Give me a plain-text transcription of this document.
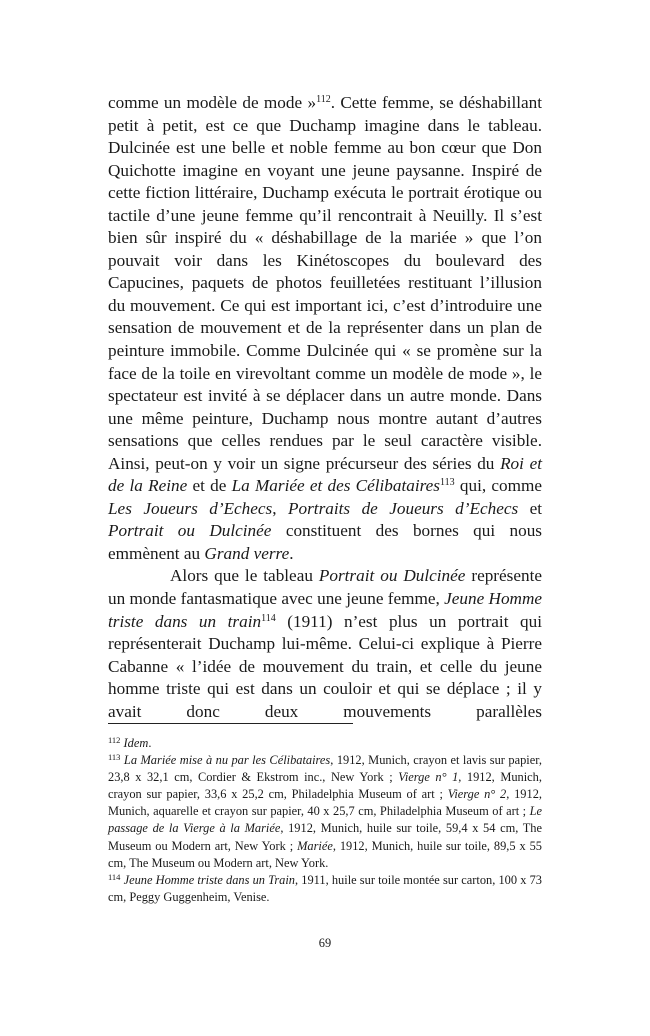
comme un modèle de mode »$^{112}$. Cette femme, se déshabillant petit à petit, est ce que Duchamp imagine dans le tableau. Dulcinée est une belle et noble femme au bon cœur que Don Quichotte imagine en voyant une jeune paysanne. Inspiré de cette fiction littéraire, Duchamp exécuta le portrait érotique ou tactile d’une jeune femme qu’il rencontrait à Neuilly. Il s’est bien sûr inspiré du « déshabillage de la mariée » que l’on pouvait voir dans les Kinétoscopes du boulevard des Capucines, paquets de photos feuilletées restituant l’illusion du mouvement. Ce qui est important ici, c’est d’introduire une sensation de mouvement et de la représenter dans un plan de peinture immobile. Comme Dulcinée qui « se promène sur la face de la toile en virevoltant comme un modèle de mode », le spectateur est invité à se déplacer dans un autre monde. Dans une même peinture, Duchamp nous montre autant d’autres sensations que celles rendues par le seul caractère visible. Ainsi, peut-on y voir un signe précurseur des séries du Roi et de la Reine et de La Mariée et des Célibataires$^{113}$ qui, comme Les Joueurs d’Echecs, Portraits de Joueurs d’Echecs et Portrait ou Dulcinée constituent des bornes qui nous emmènent au Grand verre.

Alors que le tableau Portrait ou Dulcinée représente un monde fantasmatique avec une jeune femme, Jeune Homme triste dans un train$^{114}$ (1911) n’est plus un portrait qui représenterait Duchamp lui-même. Celui-ci explique à Pierre Cabanne « l’idée de mouvement du train, et celle du jeune homme triste qui est dans un couloir et qui se déplace ; il y avait donc deux mouvements parallèles

$^{112}$ Idem.

$^{113}$ La Mariée mise à nu par les Célibataires, 1912, Munich, crayon et lavis sur papier, 23,8 x 32,1 cm, Cordier & Ekstrom inc., New York ; Vierge n° 1, 1912, Munich, crayon sur papier, 33,6 x 25,2 cm, Philadelphia Museum of art ; Vierge n° 2, 1912, Munich, aquarelle et crayon sur papier, 40 x 25,7 cm, Philadelphia Museum of art ; Le passage de la Vierge à la Mariée, 1912, Munich, huile sur toile, 59,4 x 54 cm, The Museum ou Modern art, New York ; Mariée, 1912, Munich, huile sur toile, 89,5 x 55 cm, The Museum ou Modern art, New York.

$^{114}$ Jeune Homme triste dans un Train, 1911, huile sur toile montée sur carton, 100 x 73 cm, Peggy Guggenheim, Venise.

69
